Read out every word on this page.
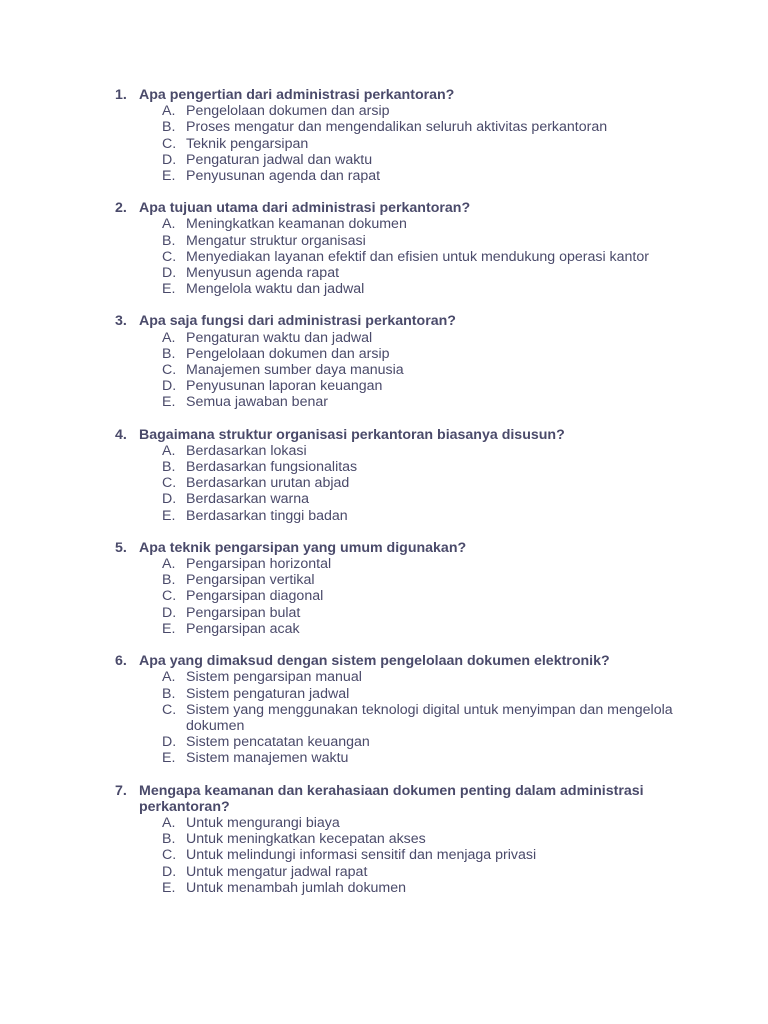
1. Apa pengertian dari administrasi perkantoran?
A. Pengelolaan dokumen dan arsip
B. Proses mengatur dan mengendalikan seluruh aktivitas perkantoran
C. Teknik pengarsipan
D. Pengaturan jadwal dan waktu
E. Penyusunan agenda dan rapat
2. Apa tujuan utama dari administrasi perkantoran?
A. Meningkatkan keamanan dokumen
B. Mengatur struktur organisasi
C. Menyediakan layanan efektif dan efisien untuk mendukung operasi kantor
D. Menyusun agenda rapat
E. Mengelola waktu dan jadwal
3. Apa saja fungsi dari administrasi perkantoran?
A. Pengaturan waktu dan jadwal
B. Pengelolaan dokumen dan arsip
C. Manajemen sumber daya manusia
D. Penyusunan laporan keuangan
E. Semua jawaban benar
4. Bagaimana struktur organisasi perkantoran biasanya disusun?
A. Berdasarkan lokasi
B. Berdasarkan fungsionalitas
C. Berdasarkan urutan abjad
D. Berdasarkan warna
E. Berdasarkan tinggi badan
5. Apa teknik pengarsipan yang umum digunakan?
A. Pengarsipan horizontal
B. Pengarsipan vertikal
C. Pengarsipan diagonal
D. Pengarsipan bulat
E. Pengarsipan acak
6. Apa yang dimaksud dengan sistem pengelolaan dokumen elektronik?
A. Sistem pengarsipan manual
B. Sistem pengaturan jadwal
C. Sistem yang menggunakan teknologi digital untuk menyimpan dan mengelola dokumen
D. Sistem pencatatan keuangan
E. Sistem manajemen waktu
7. Mengapa keamanan dan kerahasiaan dokumen penting dalam administrasi perkantoran?
A. Untuk mengurangi biaya
B. Untuk meningkatkan kecepatan akses
C. Untuk melindungi informasi sensitif dan menjaga privasi
D. Untuk mengatur jadwal rapat
E. Untuk menambah jumlah dokumen
